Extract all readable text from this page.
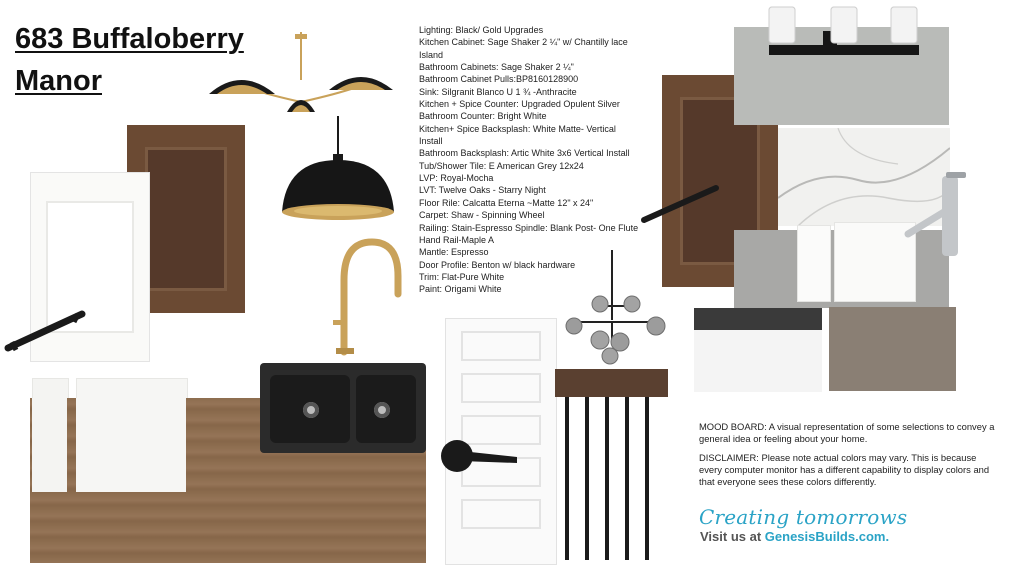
683 Buffaloberry
Manor
Lighting: Black/ Gold Upgrades
Kitchen Cabinet: Sage Shaker 2 ¼" w/ Chantilly lace
Island
Bathroom Cabinets: Sage Shaker 2 ¼"
Bathroom Cabinet Pulls:BP8160128900
Sink: Silgranit Blanco U 1 ¾ -Anthracite
Kitchen + Spice Counter: Upgraded Opulent Silver
Bathroom Counter: Bright White
Kitchen+ Spice Backsplash: White Matte- Vertical
Install
Bathroom Backsplash: Artic White 3x6 Vertical Install
Tub/Shower Tile: E American Grey 12x24
LVP: Royal-Mocha
LVT: Twelve Oaks - Starry Night
Floor Rile: Calcatta Eterna ~Matte 12" x 24"
Carpet: Shaw - Spinning Wheel
Railing: Stain-Espresso Spindle: Blank Post- One Flute
Hand Rail-Maple A
Mantle: Espresso
Door Profile: Benton w/ black hardware
Trim: Flat-Pure White
Paint: Origami White

MOOD BOARD: A visual representation of some selections to convey a general idea or feeling about your home.

DISCLAIMER: Please note actual colors may vary. This is because every computer monitor has a different capability to display colors and that everyone sees these colors differently.

Creating tomorrows
Visit us at GenesisBuilds.com.
